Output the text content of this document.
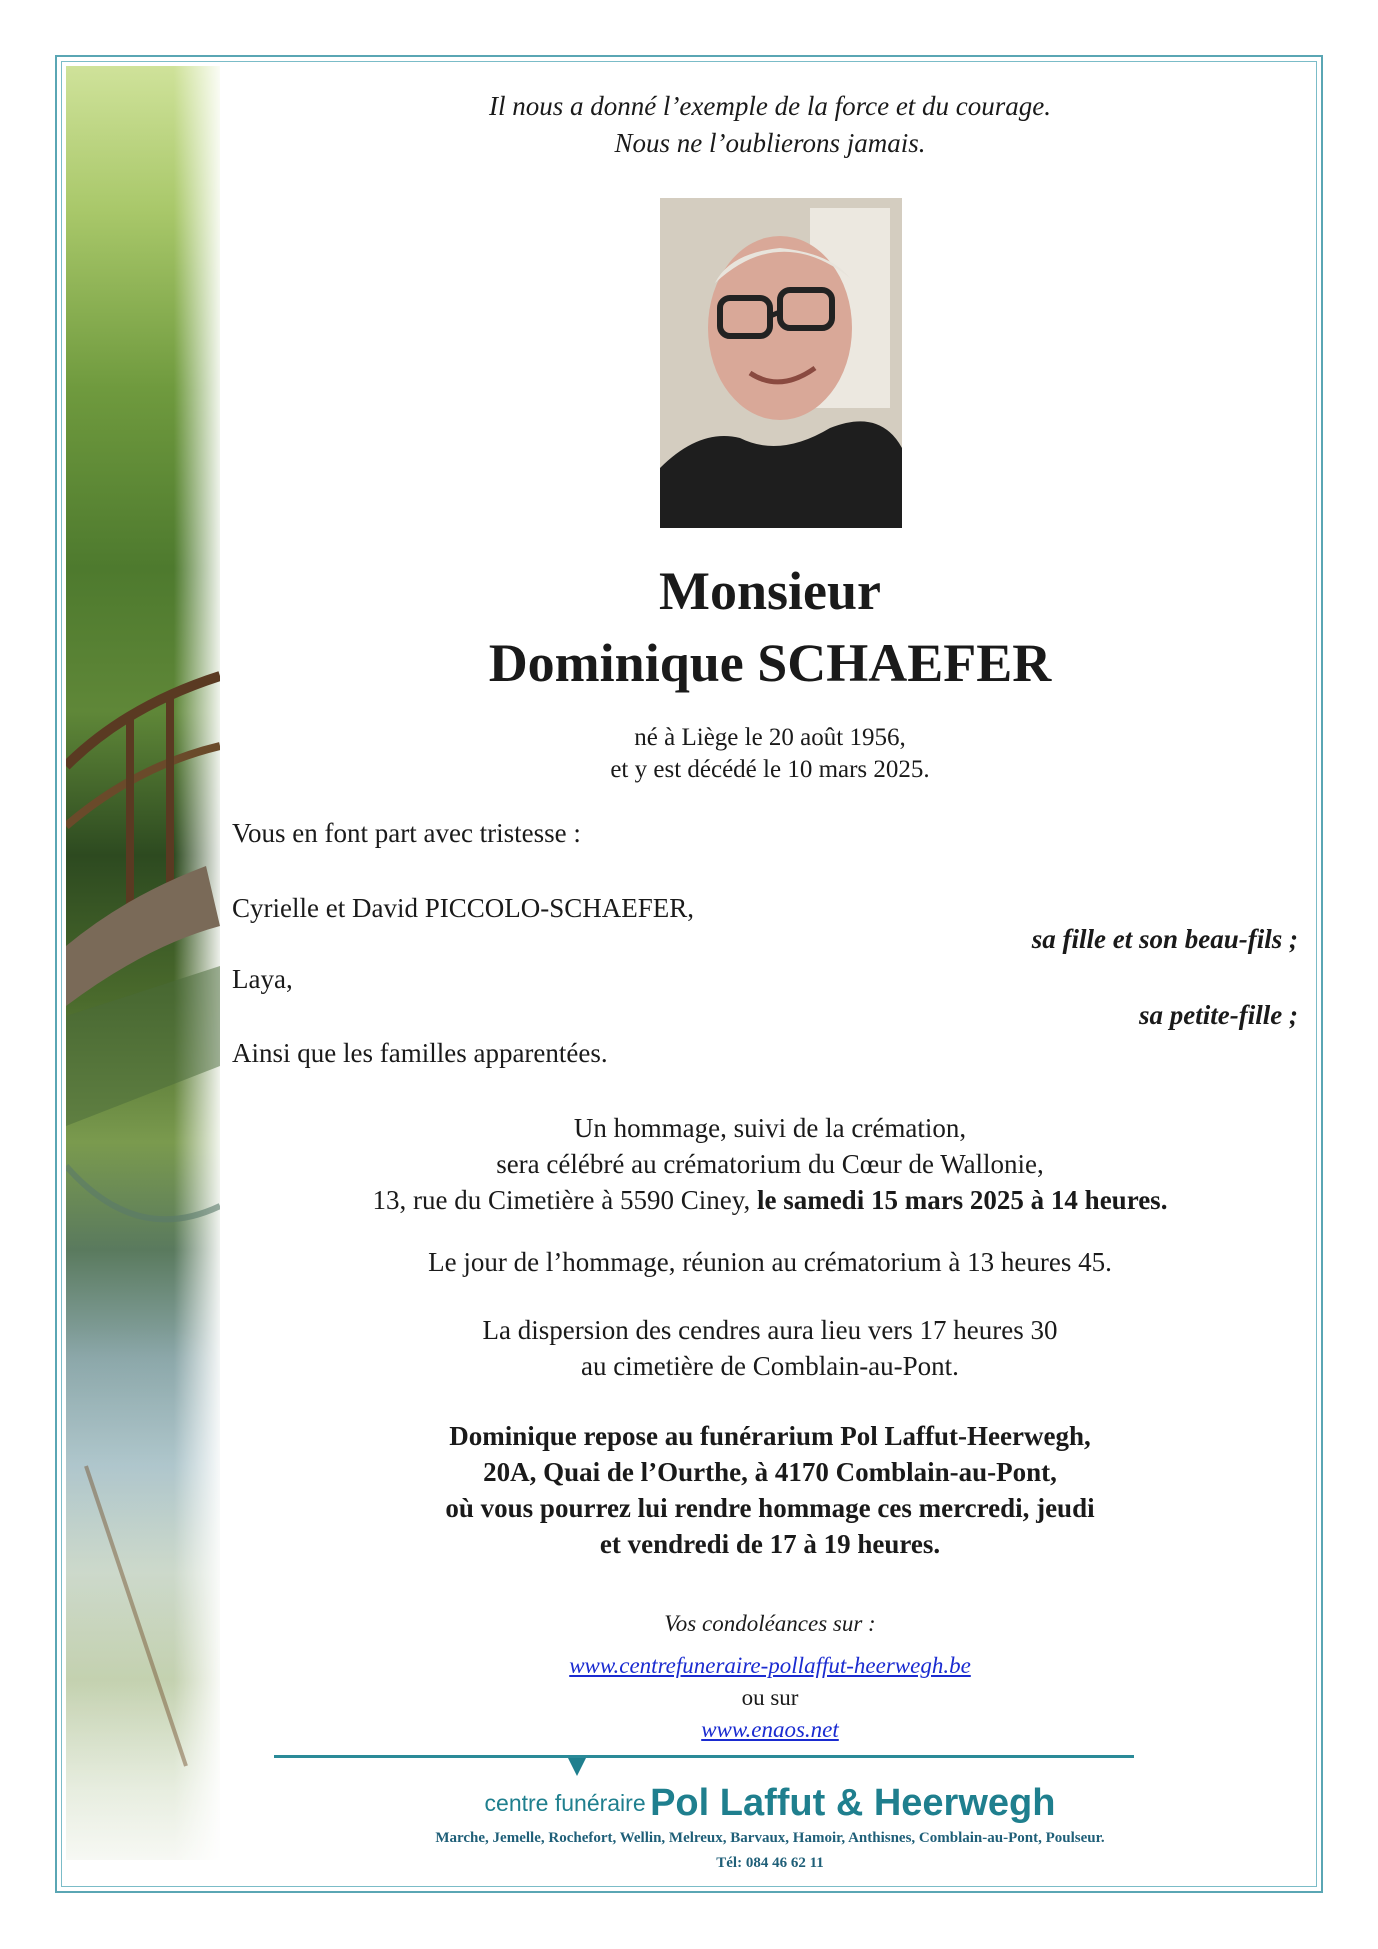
Il nous a donné l’exemple de la force et du courage.
Nous ne l’oublierons jamais.
Monsieur
Dominique SCHAEFER
né à Liège le 20 août 1956,
et y est décédé le 10 mars 2025.
Vous en font part avec tristesse :
Cyrielle et David PICCOLO-SCHAEFER,
sa fille et son beau-fils ;
Laya,
sa petite-fille ;
Ainsi que les familles apparentées.
Un hommage, suivi de la crémation,
sera célébré au crématorium du Cœur de Wallonie,
13, rue du Cimetière à 5590 Ciney, le samedi 15 mars 2025 à 14 heures.
Le jour de l’hommage, réunion au crématorium à 13 heures 45.
La dispersion des cendres aura lieu vers 17 heures 30
au cimetière de Comblain-au-Pont.
Dominique repose au funérarium Pol Laffut-Heerwegh,
20A, Quai de l’Ourthe, à 4170 Comblain-au-Pont,
où vous pourrez lui rendre hommage ces mercredi, jeudi
et vendredi de 17 à 19 heures.
Vos condoléances sur :
www.centrefuneraire-pollaffut-heerwegh.be
ou sur
www.enaos.net
centre funéraire Pol Laffut & Heerwegh
Marche, Jemelle, Rochefort, Wellin, Melreux, Barvaux, Hamoir, Anthisnes, Comblain-au-Pont, Poulseur.
Tél: 084 46 62 11
